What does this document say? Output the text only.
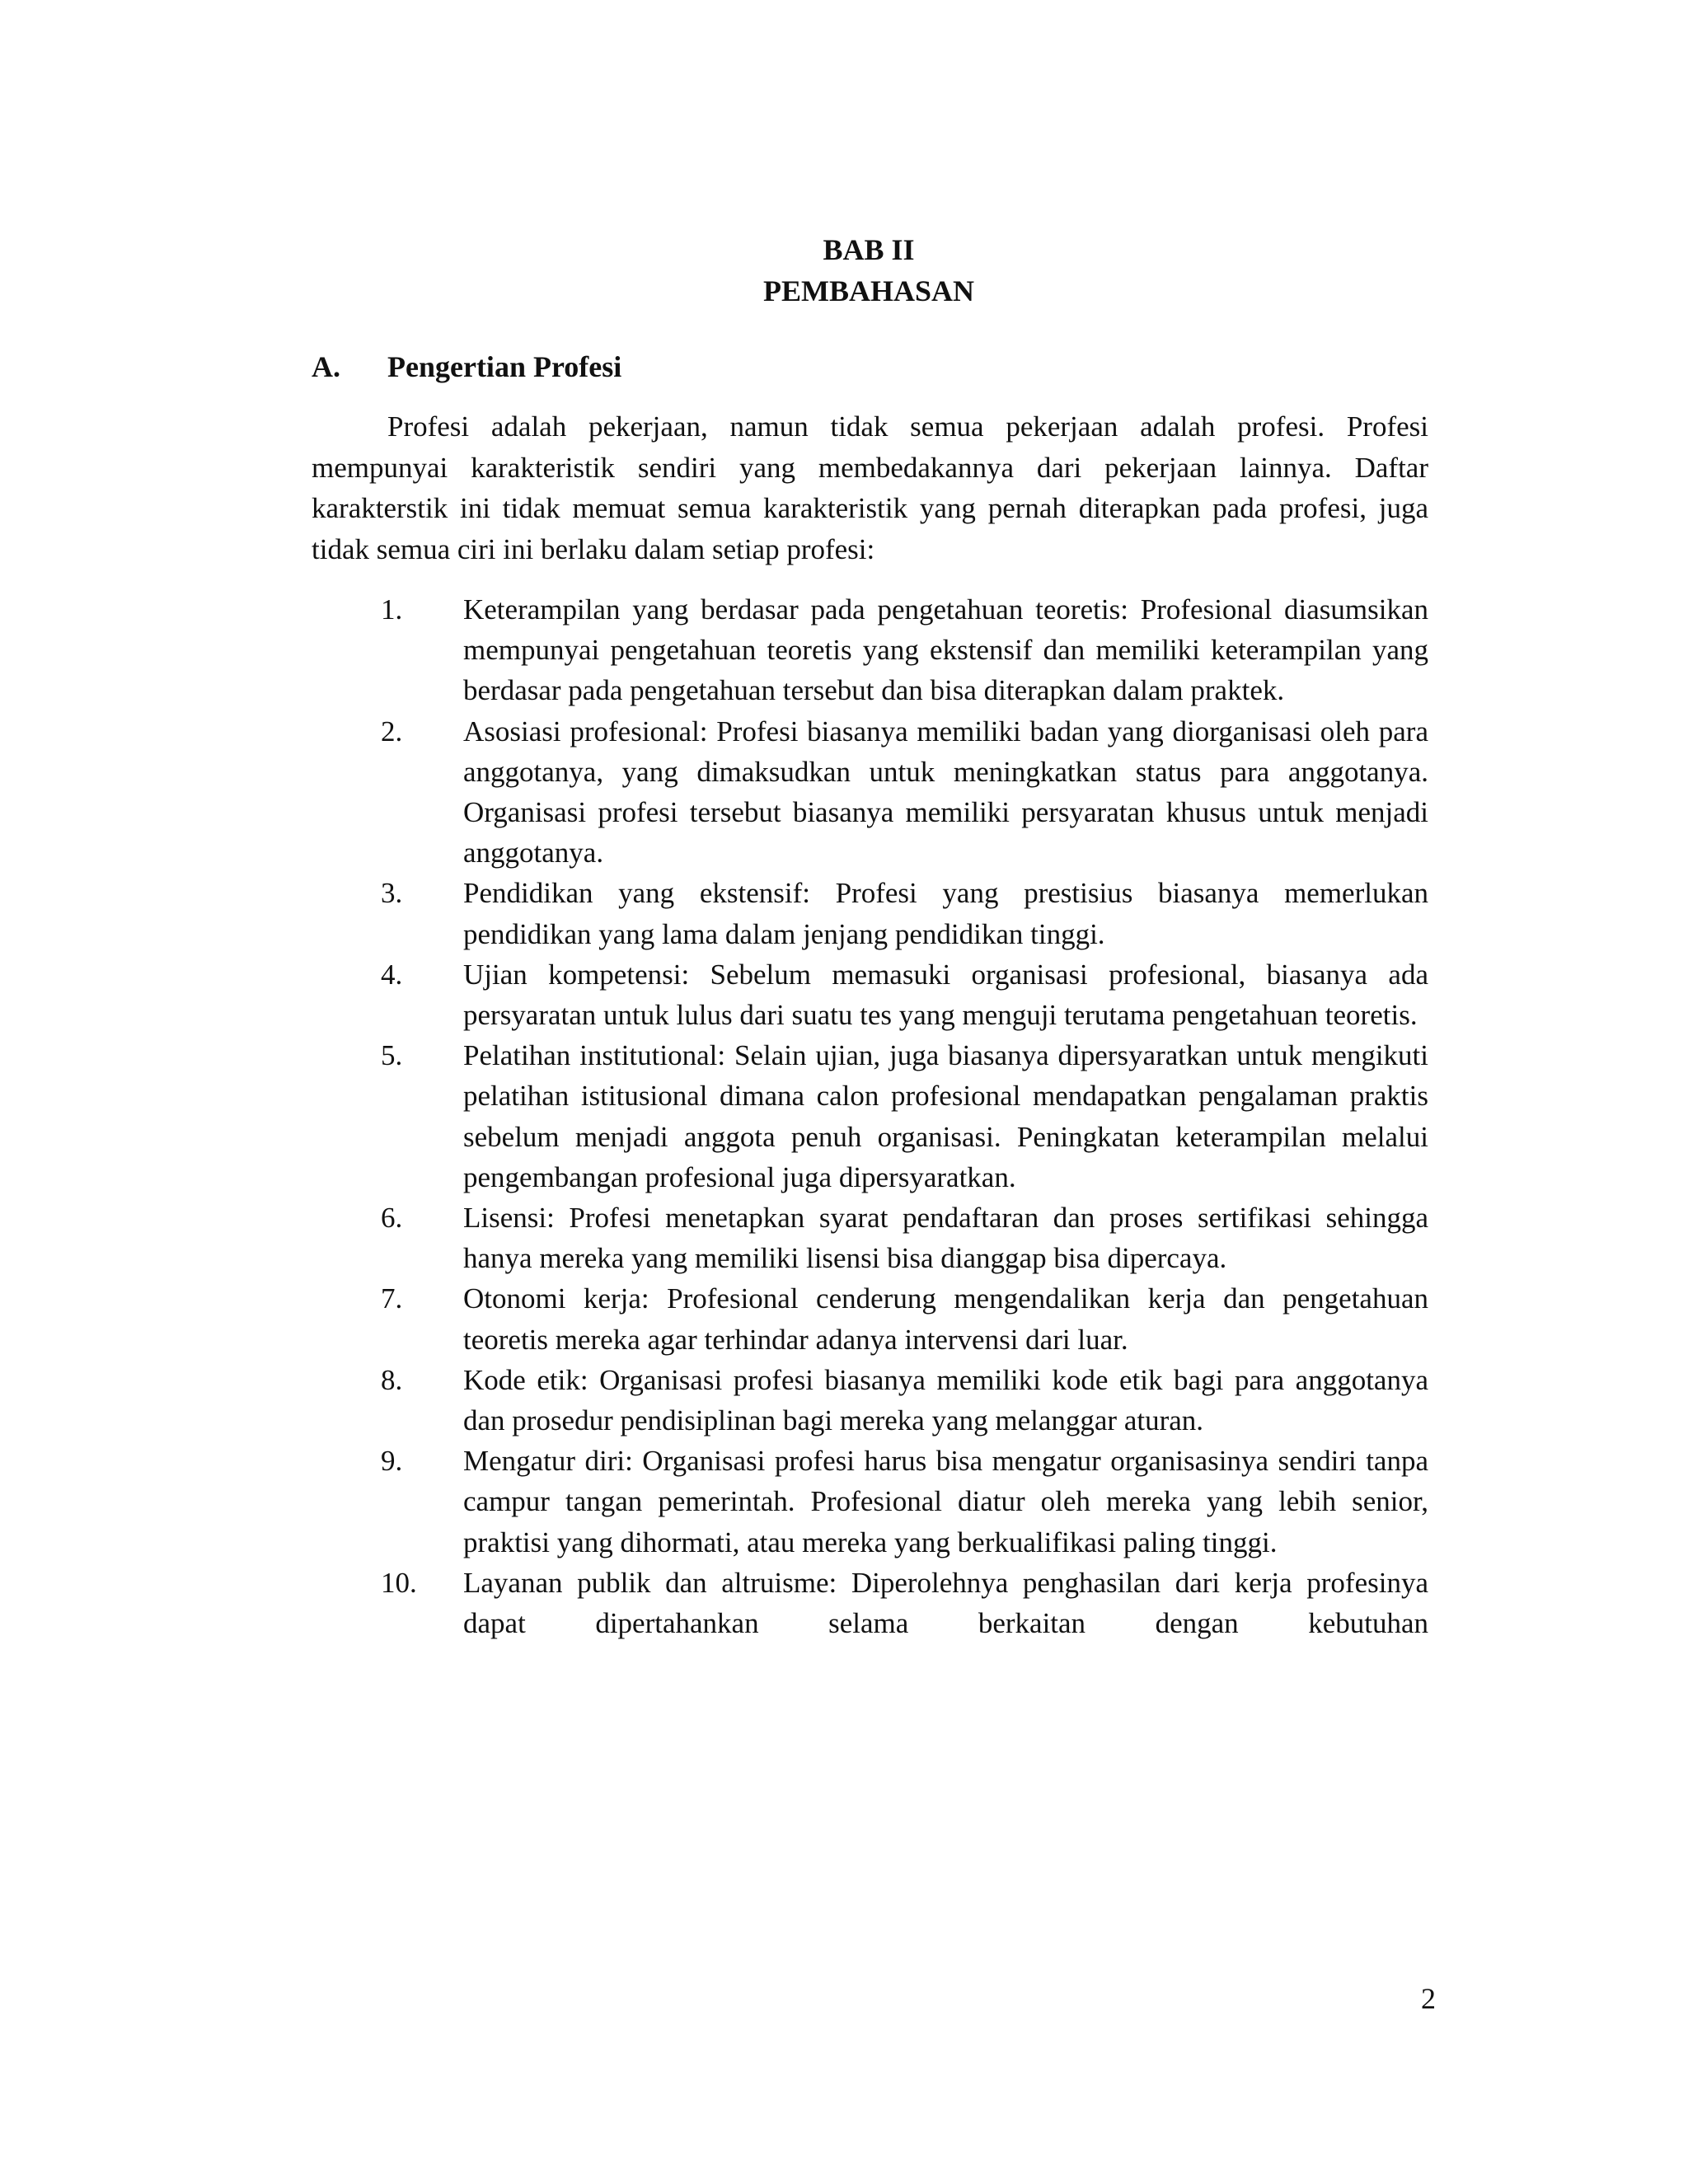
BAB II
PEMBAHASAN
A. Pengertian Profesi

Profesi adalah pekerjaan, namun tidak semua pekerjaan adalah profesi. Profesi mempunyai karakteristik sendiri yang membedakannya dari pekerjaan lainnya. Daftar karakterstik ini tidak memuat semua karakteristik yang pernah diterapkan pada profesi, juga tidak semua ciri ini berlaku dalam setiap profesi:

1.	Keterampilan yang berdasar pada pengetahuan teoretis: Profesional diasumsikan mempunyai pengetahuan teoretis yang ekstensif dan memiliki keterampilan yang berdasar pada pengetahuan tersebut dan bisa diterapkan dalam praktek.
2.	Asosiasi profesional: Profesi biasanya memiliki badan yang diorganisasi oleh para anggotanya, yang dimaksudkan untuk meningkatkan status para anggotanya. Organisasi profesi tersebut biasanya memiliki persyaratan khusus untuk menjadi anggotanya.
3.	Pendidikan yang ekstensif: Profesi yang prestisius biasanya memerlukan pendidikan yang lama dalam jenjang pendidikan tinggi.
4.	Ujian kompetensi: Sebelum memasuki organisasi profesional, biasanya ada persyaratan untuk lulus dari suatu tes yang menguji terutama pengetahuan teoretis.
5.	Pelatihan institutional: Selain ujian, juga biasanya dipersyaratkan untuk mengikuti pelatihan istitusional dimana calon profesional mendapatkan pengalaman praktis sebelum menjadi anggota penuh organisasi. Peningkatan keterampilan melalui pengembangan profesional juga dipersyaratkan.
6.	Lisensi: Profesi menetapkan syarat pendaftaran dan proses sertifikasi sehingga hanya mereka yang memiliki lisensi bisa dianggap bisa dipercaya.
7.	Otonomi kerja: Profesional cenderung mengendalikan kerja dan pengetahuan teoretis mereka agar terhindar adanya intervensi dari luar.
8.	Kode etik: Organisasi profesi biasanya memiliki kode etik bagi para anggotanya dan prosedur pendisiplinan bagi mereka yang melanggar aturan.
9.	Mengatur diri: Organisasi profesi harus bisa mengatur organisasinya sendiri tanpa campur tangan pemerintah. Profesional diatur oleh mereka yang lebih senior, praktisi yang dihormati, atau mereka yang berkualifikasi paling tinggi.
10.	Layanan publik dan altruisme: Diperolehnya penghasilan dari kerja profesinya dapat dipertahankan selama berkaitan dengan kebutuhan
2
